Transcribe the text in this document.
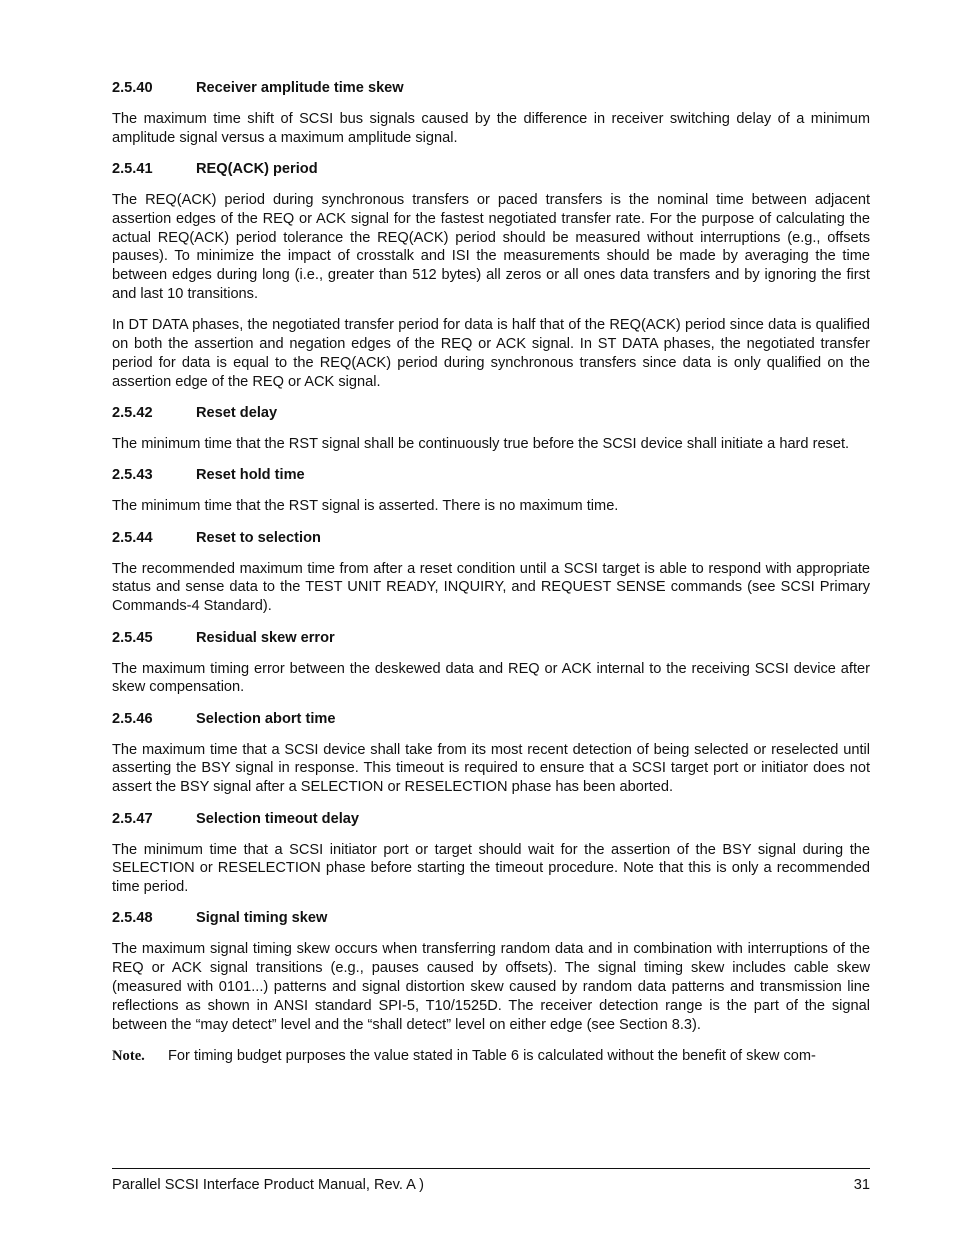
2.5.40	Receiver amplitude time skew

The maximum time shift of SCSI bus signals caused by the difference in receiver switching delay of a minimum amplitude signal versus a maximum amplitude signal.

2.5.41	REQ(ACK) period

The REQ(ACK) period during synchronous transfers or paced transfers is the nominal time between adjacent assertion edges of the REQ or ACK signal for the fastest negotiated transfer rate. For the purpose of calculating the actual REQ(ACK) period tolerance the REQ(ACK) period should be measured without interruptions (e.g., offsets pauses). To minimize the impact of crosstalk and ISI the measurements should be made by averaging the time between edges during long (i.e., greater than 512 bytes) all zeros or all ones data transfers and by ignoring the first and last 10 transitions.

In DT DATA phases, the negotiated transfer period for data is half that of the REQ(ACK) period since data is qualified on both the assertion and negation edges of the REQ or ACK signal. In ST DATA phases, the negotiated transfer period for data is equal to the REQ(ACK) period during synchronous transfers since data is only qualified on the assertion edge of the REQ or ACK signal.

2.5.42	Reset delay

The minimum time that the RST signal shall be continuously true before the SCSI device shall initiate a hard reset.

2.5.43	Reset hold time

The minimum time that the RST signal is asserted. There is no maximum time.

2.5.44	Reset to selection

The recommended maximum time from after a reset condition until a SCSI target is able to respond with appropriate status and sense data to the TEST UNIT READY, INQUIRY, and REQUEST SENSE commands (see SCSI Primary Commands-4 Standard).

2.5.45	Residual skew error

The maximum timing error between the deskewed data and REQ or ACK internal to the receiving SCSI device after skew compensation.

2.5.46	Selection abort time

The maximum time that a SCSI device shall take from its most recent detection of being selected or reselected until asserting the BSY signal in response. This timeout is required to ensure that a SCSI target port or initiator does not assert the BSY signal after a SELECTION or RESELECTION phase has been aborted.

2.5.47	Selection timeout delay

The minimum time that a SCSI initiator port or target should wait for the assertion of the BSY signal during the SELECTION or RESELECTION phase before starting the timeout procedure. Note that this is only a recommended time period.

2.5.48	Signal timing skew

The maximum signal timing skew occurs when transferring random data and in combination with interruptions of the REQ or ACK signal transitions (e.g., pauses caused by offsets). The signal timing skew includes cable skew (measured with 0101...) patterns and signal distortion skew caused by random data patterns and transmission line reflections as shown in ANSI standard SPI-5, T10/1525D. The receiver detection range is the part of the signal between the “may detect” level and the “shall detect” level on either edge (see Section 8.3).

Note.	For timing budget purposes the value stated in Table 6 is calculated without the benefit of skew com-
Parallel SCSI Interface Product Manual, Rev. A )	31
